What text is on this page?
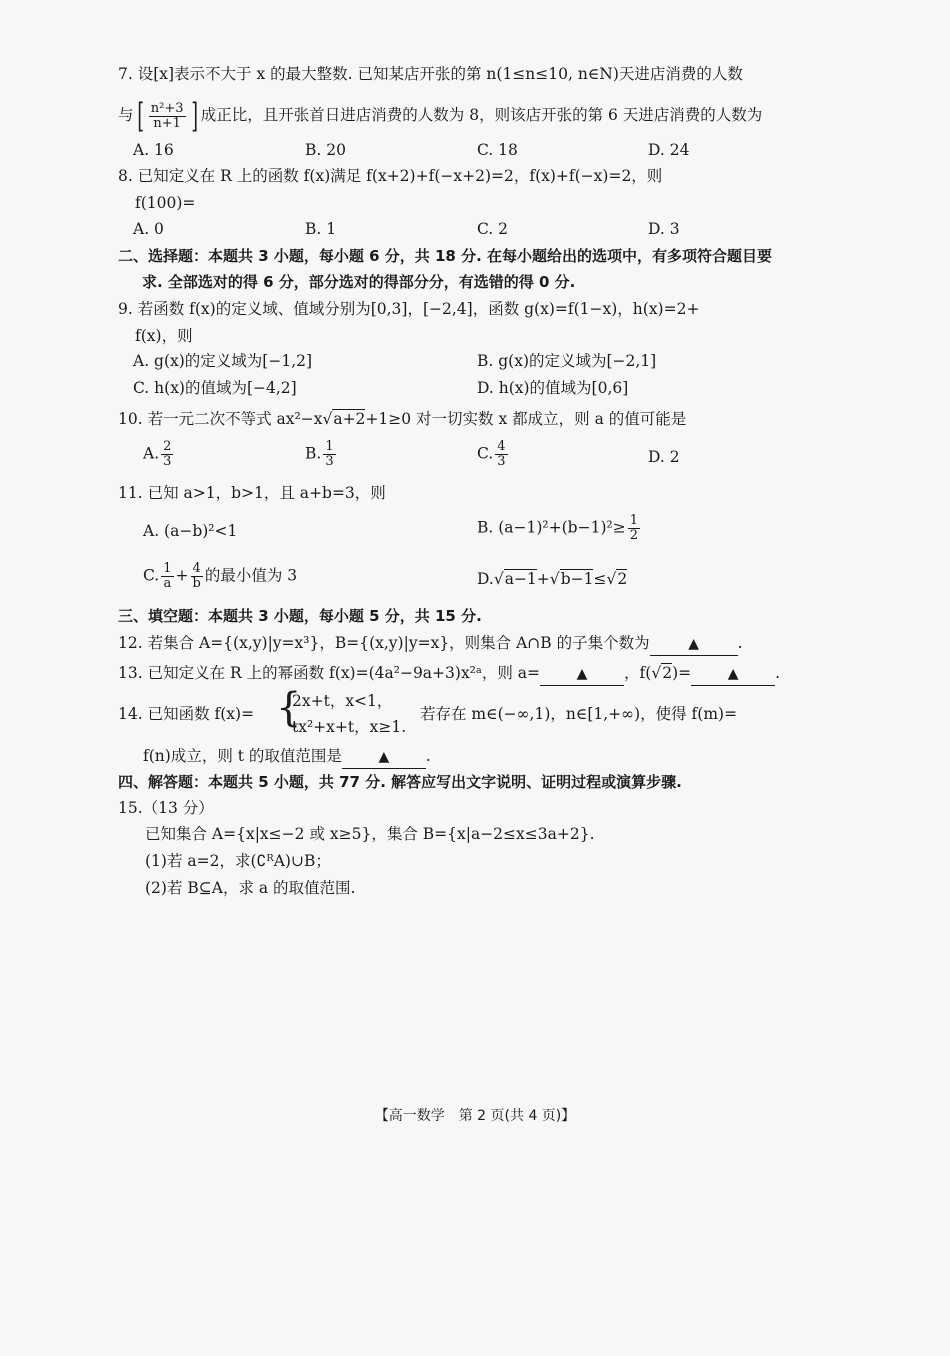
7. 设[x]表示不大于 x 的最大整数. 已知某店开张的第 n(1≤n≤10, n∈N)天进店消费的人数
与[ $\frac{\text{n²+3}}{n+1}$ ] 成正比，且开张首日进店消费的人数为 8，则该店开张的第 6 天进店消费的人数为
A. 16	B. 20	C. 18	D. 24
8. 已知定义在 R 上的函数 f(x)满足 f(x+2)+f(−x+2)=2，f(x)+f(−x)=2，则
f(100)=
A. 0	B. 1	C. 2	D. 3
二、选择题：本题共 3 小题，每小题 6 分，共 18 分. 在每小题给出的选项中，有多项符合题目要
求. 全部选对的得 6 分，部分选对的得部分分，有选错的得 0 分.
9. 若函数 f(x)的定义域、值域分别为[0,3]，[−2,4]，函数 g(x)=f(1−x)，h(x)=2+
f(x)，则
A. g(x)的定义域为[−1,2]	B. g(x)的定义域为[−2,1]
C. h(x)的值域为[−4,2]	D. h(x)的值域为[0,6]
10. 若一元二次不等式 ax²−x√a+2+1≥0 对一切实数 x 都成立，则 a 的值可能是
A. $\frac{2}{3}$	B. $\frac{1}{3}$	C. $\frac{4}{3}$	D. 2
11. 已知 a>1，b>1，且 a+b=3，则
A. (a−b)²<1	B. $(a-1)^2+(b-1)^2\ge \frac{1}{2}$
C. $\frac{1}{a} + \frac{4}{b}$ 的最小值为 3	D.√a−1+√b−1≤√2
三、填空题：本题共 3 小题，每小题 5 分，共 15 分.
12. 若集合 A={(x,y)|y=x³}，B={(x,y)|y=x}，则集合 A∩B 的子集个数为	▲ .
13. 已知定义在 R 上的幂函数 f(x)=(4a²−9a+3)x²ᵃ，则 a=	▲ ，f(√2)=	▲ .
14. 已知函数 f(x)= {
2x+t，x<1，
tx²+x+t，x≥1.
若存在 m∈(−∞,1)，n∈[1,+∞)，使得 f(m)=
f(n)成立，则 t 的取值范围是	▲ .
四、解答题：本题共 5 小题，共 77 分. 解答应写出文字说明、证明过程或演算步骤.
15.（13 分）
已知集合 A={x|x≤−2 或 x≥5}，集合 B={x|a−2≤x≤3a+2}.
(1)若 a=2，求(∁ᴿA)∪B；
(2)若 B⊆A，求 a 的取值范围.
【高一数学　第 2 页(共 4 页)】
